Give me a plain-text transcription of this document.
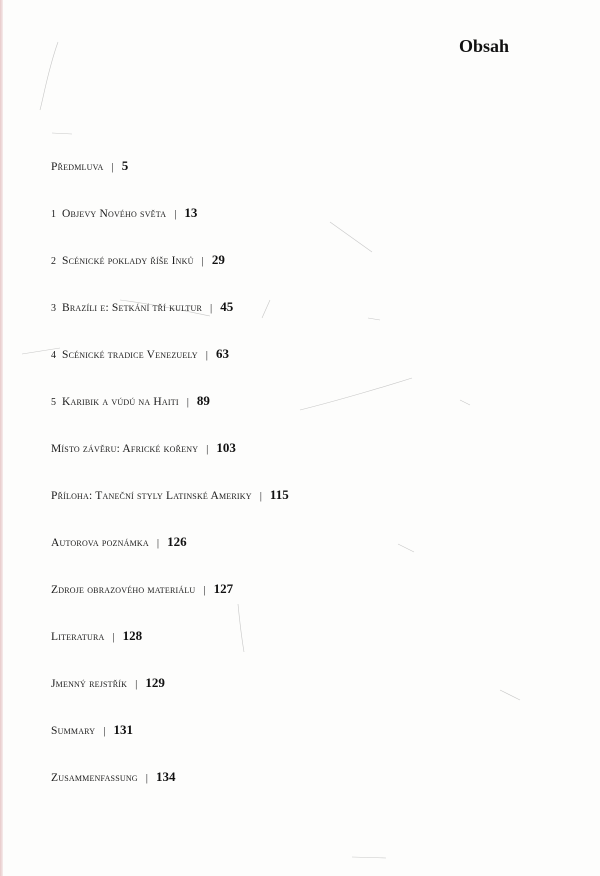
Obsah
Předmluva | 5
1 Objevy Nového světa | 13
2 Scénické poklady říše Inků | 29
3 Brazíli e: Setkání tří kultur | 45
4 Scénické tradice Venezuely | 63
5 Karibik a vúdú na Haiti | 89
Místo závěru: Africké kořeny | 103
Příloha: Taneční styly Latinské Ameriky | 115
Autorova poznámka | 126
Zdroje obrazového materiálu | 127
Literatura | 128
Jmenný rejstřík | 129
Summary | 131
Zusammenfassung | 134
